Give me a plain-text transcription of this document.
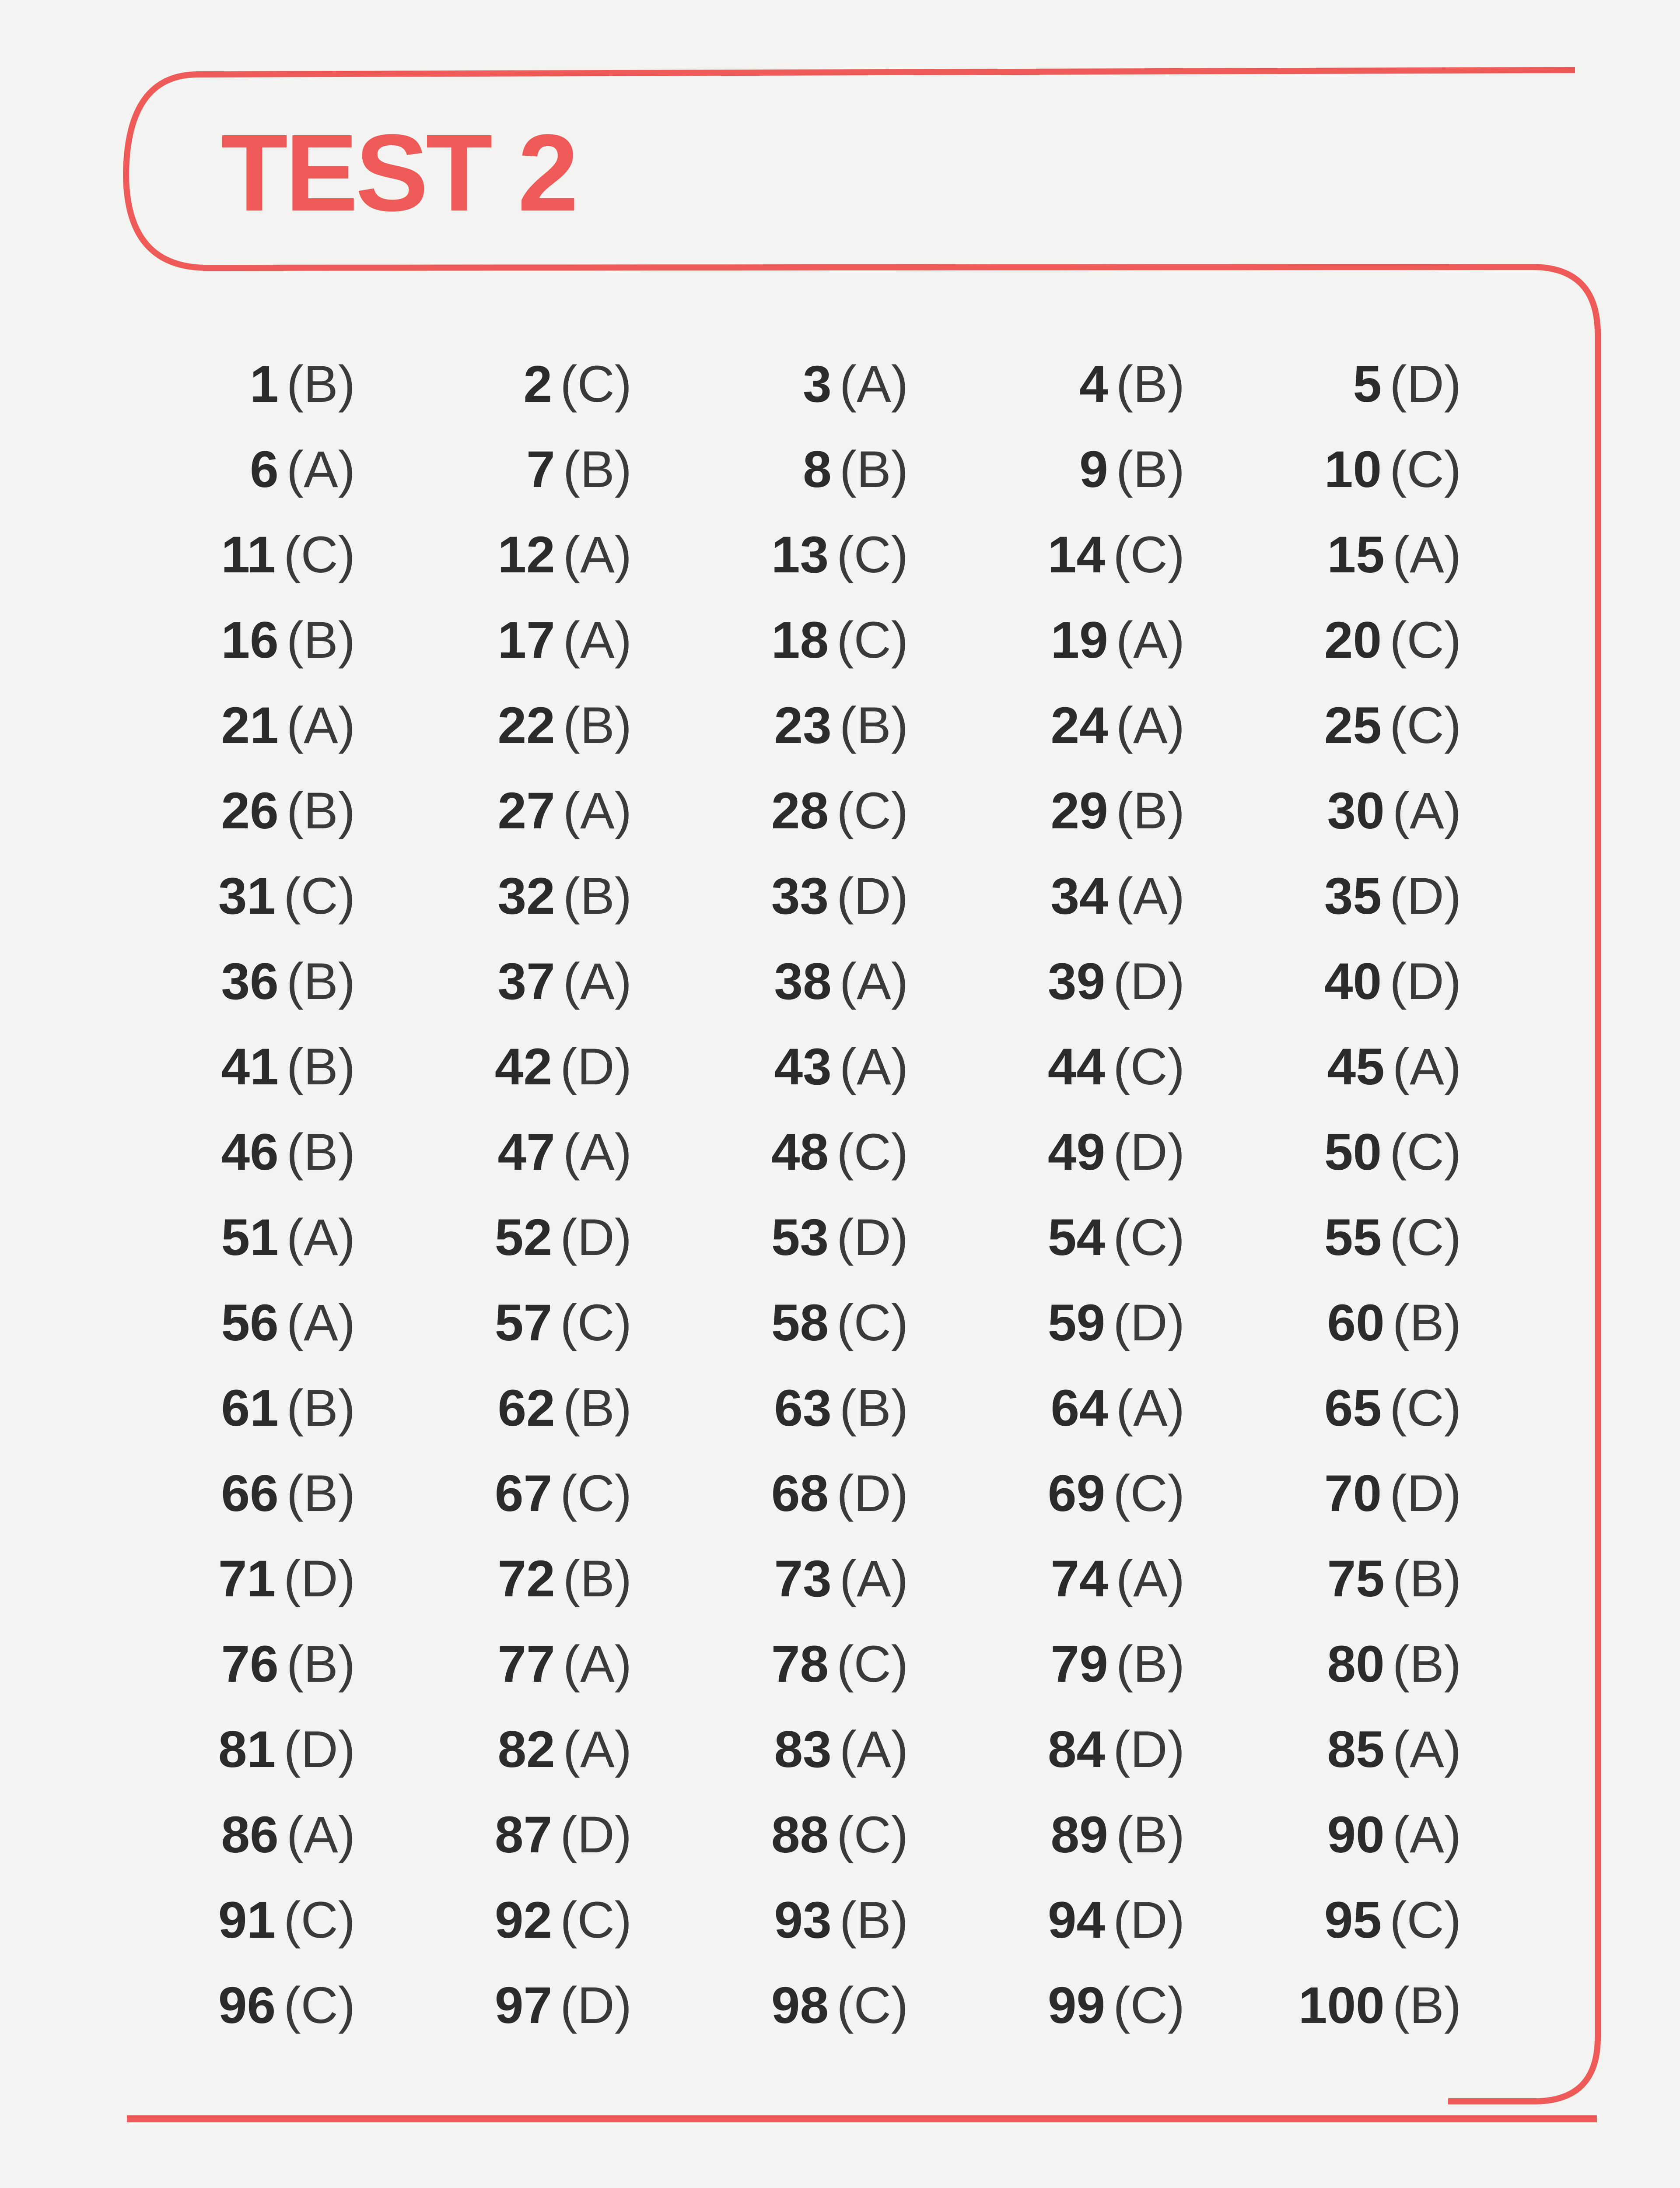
TEST 2
1 (B)	2 (C)	3 (A)	4 (B)	5 (D)
6 (A)	7 (B)	8 (B)	9 (B)	10 (C)
11 (C)	12 (A)	13 (C)	14 (C)	15 (A)
16 (B)	17 (A)	18 (C)	19 (A)	20 (C)
21 (A)	22 (B)	23 (B)	24 (A)	25 (C)
26 (B)	27 (A)	28 (C)	29 (B)	30 (A)
31 (C)	32 (B)	33 (D)	34 (A)	35 (D)
36 (B)	37 (A)	38 (A)	39 (D)	40 (D)
41 (B)	42 (D)	43 (A)	44 (C)	45 (A)
46 (B)	47 (A)	48 (C)	49 (D)	50 (C)
51 (A)	52 (D)	53 (D)	54 (C)	55 (C)
56 (A)	57 (C)	58 (C)	59 (D)	60 (B)
61 (B)	62 (B)	63 (B)	64 (A)	65 (C)
66 (B)	67 (C)	68 (D)	69 (C)	70 (D)
71 (D)	72 (B)	73 (A)	74 (A)	75 (B)
76 (B)	77 (A)	78 (C)	79 (B)	80 (B)
81 (D)	82 (A)	83 (A)	84 (D)	85 (A)
86 (A)	87 (D)	88 (C)	89 (B)	90 (A)
91 (C)	92 (C)	93 (B)	94 (D)	95 (C)
96 (C)	97 (D)	98 (C)	99 (C) 100 (B)
